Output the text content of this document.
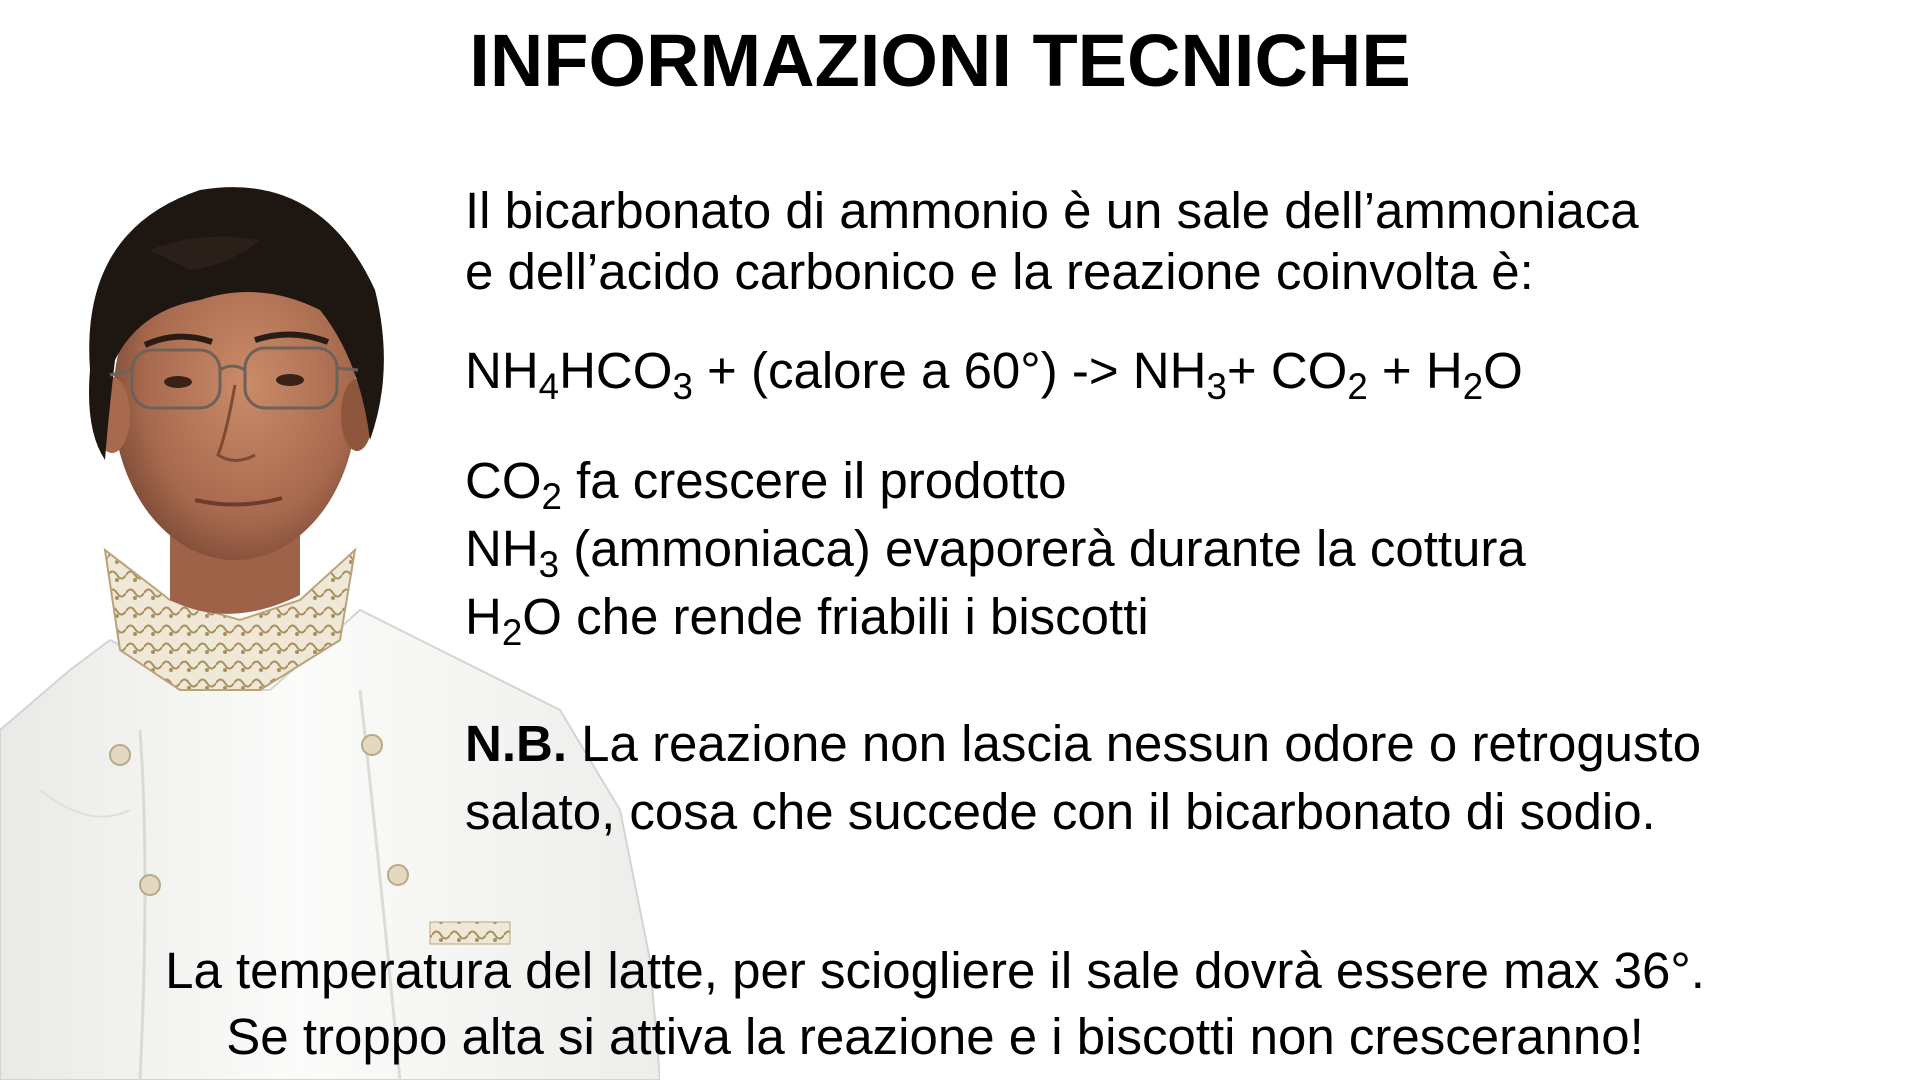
INFORMAZIONI TECNICHE
Il bicarbonato di ammonio è un sale dell’ammoniaca
e dell’acido carbonico e la reazione coinvolta è:
$NH_4HCO_3$ + (calore a $60^\circ) -> NH_3+ CO_2 + H_2O$
$CO_2$ fa crescere il prodotto
$NH_3$ (ammoniaca) evaporerà durante la cottura
$H_2O$ che rende friabili i biscotti
N.B. La reazione non lascia nessun odore o retrogusto
salato, cosa che succede con il bicarbonato di sodio.
La temperatura del latte, per sciogliere il sale dovrà essere max 36°.
Se troppo alta si attiva la reazione e i biscotti non cresceranno!
